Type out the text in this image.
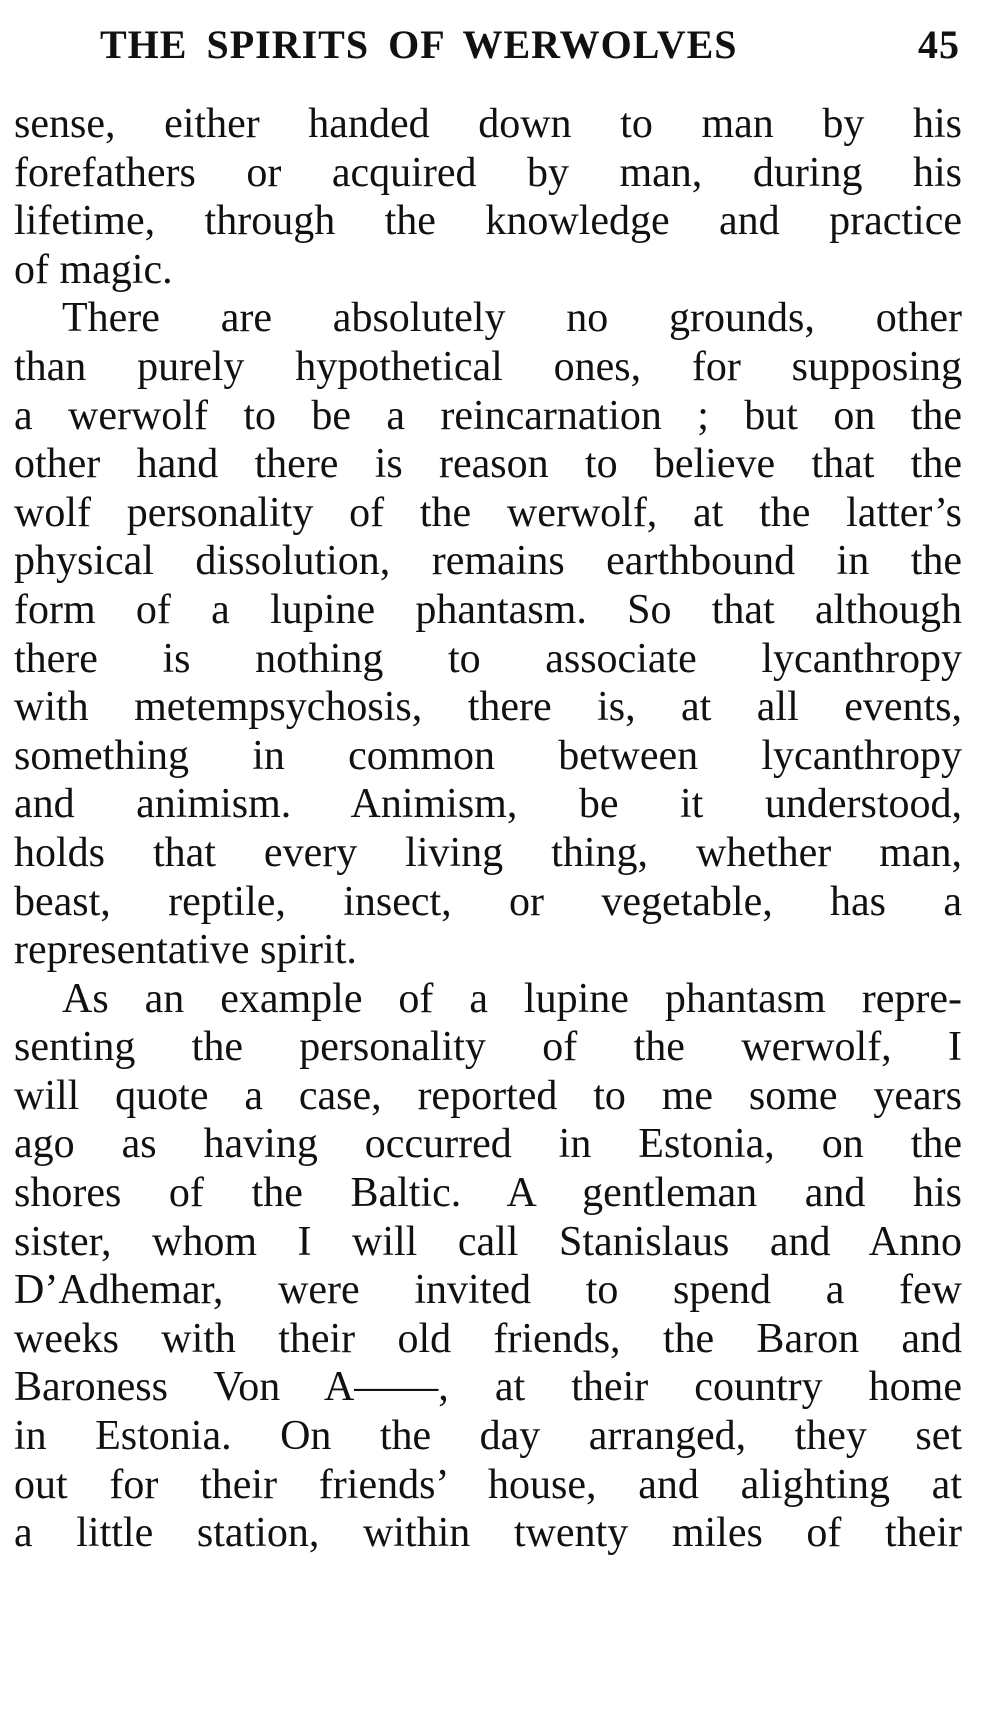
THE SPIRITS OF WERWOLVES	45
sense, either handed down to man by his
forefathers or acquired by man, during his
lifetime, through the knowledge and practice
of magic.
There are absolutely no grounds, other
than purely hypothetical ones, for supposing
a werwolf to be a reincarnation ; but on the
other hand there is reason to believe that the
wolf personality of the werwolf, at the latter’s
physical dissolution, remains earthbound in the
form of a lupine phantasm. So that although
there is nothing to associate lycanthropy
with metempsychosis, there is, at all events,
something in common between lycanthropy
and animism. Animism, be it understood,
holds that every living thing, whether man,
beast, reptile, insect, or vegetable, has a
representative spirit.
As an example of a lupine phantasm repre-
senting the personality of the werwolf, I
will quote a case, reported to me some years
ago as having occurred in Estonia, on the
shores of the Baltic. A gentleman and his
sister, whom I will call Stanislaus and Anno
D’Adhemar, were invited to spend a few
weeks with their old friends, the Baron and
Baroness Von A——, at their country home
in Estonia. On the day arranged, they set
out for their friends’ house, and alighting at
a little station, within twenty miles of their
